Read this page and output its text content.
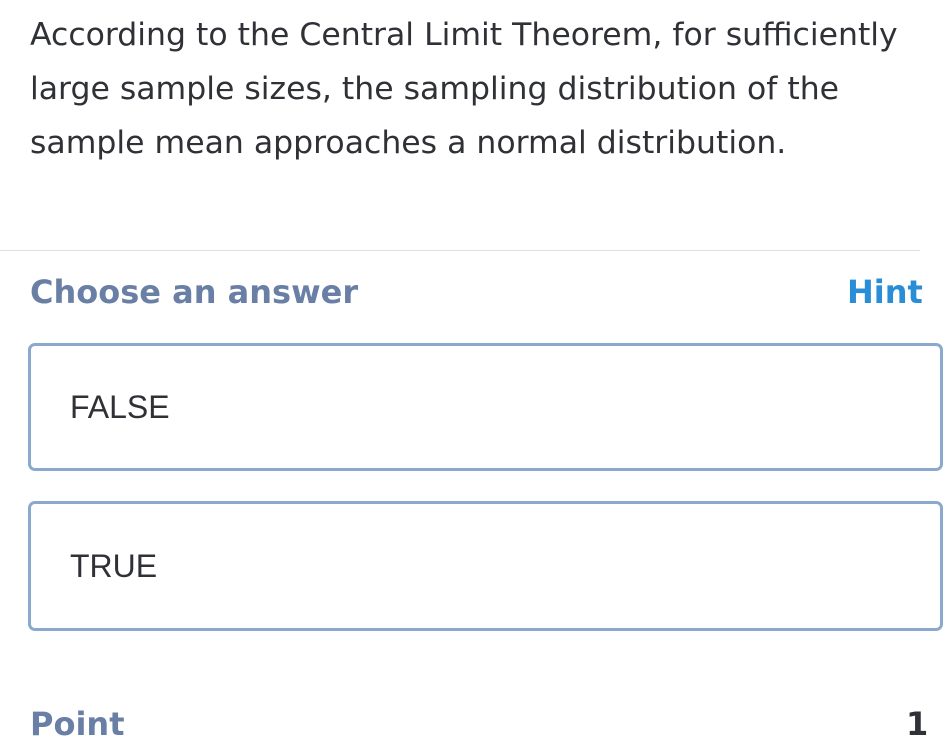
According to the Central Limit Theorem, for sufficiently
large sample sizes, the sampling distribution of the
sample mean approaches a normal distribution.

Choose an answer	Hint
FALSE
TRUE
Point	1
